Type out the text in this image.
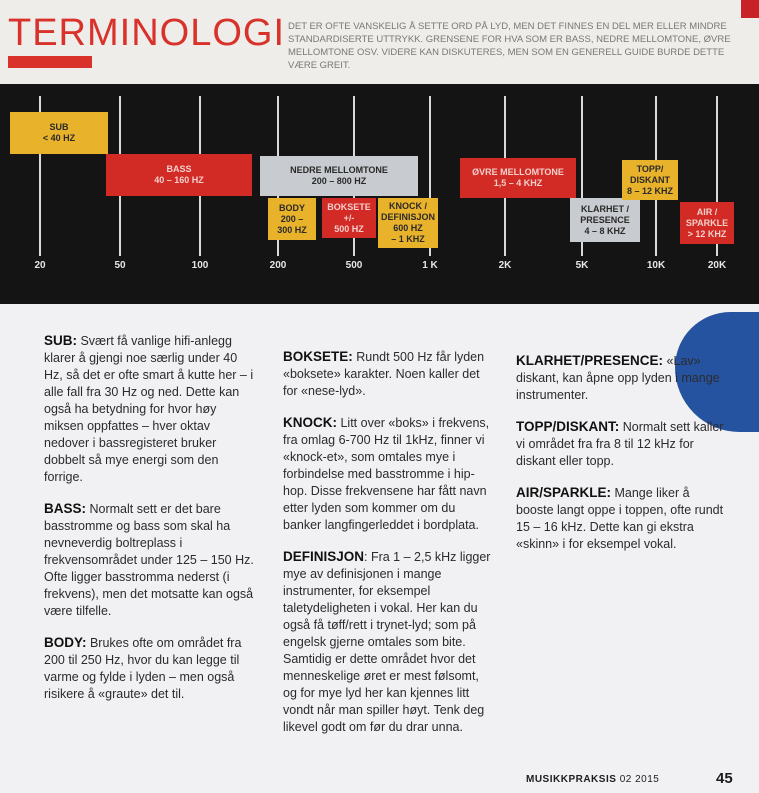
TERMINOLOGI DET ER OFTE VANSKELIG Å SETTE ORD PÅ LYD, MEN DET FINNES EN DEL MER ELLER MINDRE STANDARDISERTE UTTRYKK. GRENSENE FOR HVA SOM ER BASS, NEDRE MELLOMTONE, ØVRE MELLOMTONE OSV. VIDERE KAN DISKUTERES, MEN SOM EN GENERELL GUIDE BURDE DETTE VÆRE GREIT.
20	50	100	200	500	1 K	2K	5K	10K	20K
SUB
< 40 HZ
BASS
40 – 160 HZ
NEDRE MELLOMTONE
200 – 800 HZ
BODY
200 –
300 HZ
BOKSETE
+/-
500 HZ
KNOCK /
DEFINISJON
600 HZ
– 1 KHZ
ØVRE MELLOMTONE
1,5 – 4 KHZ
KLARHET /
PRESENCE
4 – 8 KHZ
TOPP/
DISKANT
8 – 12 KHZ
AIR /
SPARKLE
> 12 KHZ

SUB: Svært få vanlige hifi-anlegg klarer å gjengi noe særlig under 40 Hz, så det er ofte smart å kutte her – i alle fall fra 30 Hz og ned. Dette kan også ha betydning for hvor høy miksen oppfattes – hver oktav nedover i bassregisteret bruker dobbelt så mye energi som den forrige.

BASS: Normalt sett er det bare basstromme og bass som skal ha nevneverdig boltreplass i frekvensområdet under 125 – 150 Hz. Ofte ligger basstromma nederst (i frekvens), men det motsatte kan også være tilfelle.

BODY: Brukes ofte om området fra 200 til 250 Hz, hvor du kan legge til varme og fylde i lyden – men også risikere å «graute» det til.

BOKSETE: Rundt 500 Hz får lyden «boksete» karakter. Noen kaller det for «nese-lyd».

KNOCK: Litt over «boks» i frekvens, fra omlag 6-700 Hz til 1kHz, finner vi «knock-et», som omtales mye i forbindelse med basstromme i hip-hop. Disse frekvensene har fått navn etter lyden som kommer om du banker langfingerleddet i bordplata.

DEFINISJON: Fra 1 – 2,5 kHz ligger mye av definisjonen i mange instrumenter, for eksempel taletydeligheten i vokal. Her kan du også få tøff/rett i trynet-lyd; som på engelsk gjerne omtales som bite. Samtidig er dette området hvor det menneskelige øret er mest følsomt, og for mye lyd her kan kjennes litt vondt når man spiller høyt. Tenk deg likevel godt om før du drar unna.

KLARHET/PRESENCE: «Lav» diskant, kan åpne opp lyden i mange instrumenter.

TOPP/DISKANT: Normalt sett kaller vi området fra fra 8 til 12 kHz for diskant eller topp.

AIR/SPARKLE: Mange liker å booste langt oppe i toppen, ofte rundt 15 – 16 kHz. Dette kan gi ekstra «skinn» i for eksempel vokal.

MUSIKKPRAKSIS 02 2015	45
